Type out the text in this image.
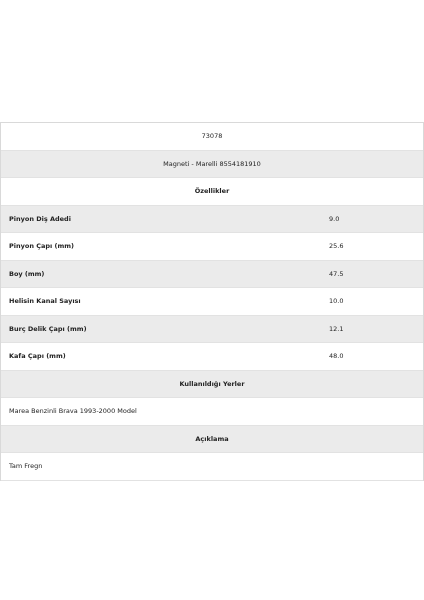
73078
Magneti - Marelli 8554181910
Özellikler
Pinyon Diş Adedi	9.0
Pinyon Çapı (mm)	25.6
Boy (mm)	47.5
Helisin Kanal Sayısı	10.0
Burç Delik Çapı (mm)	12.1
Kafa Çapı (mm)	48.0
Kullanıldığı Yerler
Marea Benzinli Brava 1993-2000 Model
Açıklama
Tam Fregn
